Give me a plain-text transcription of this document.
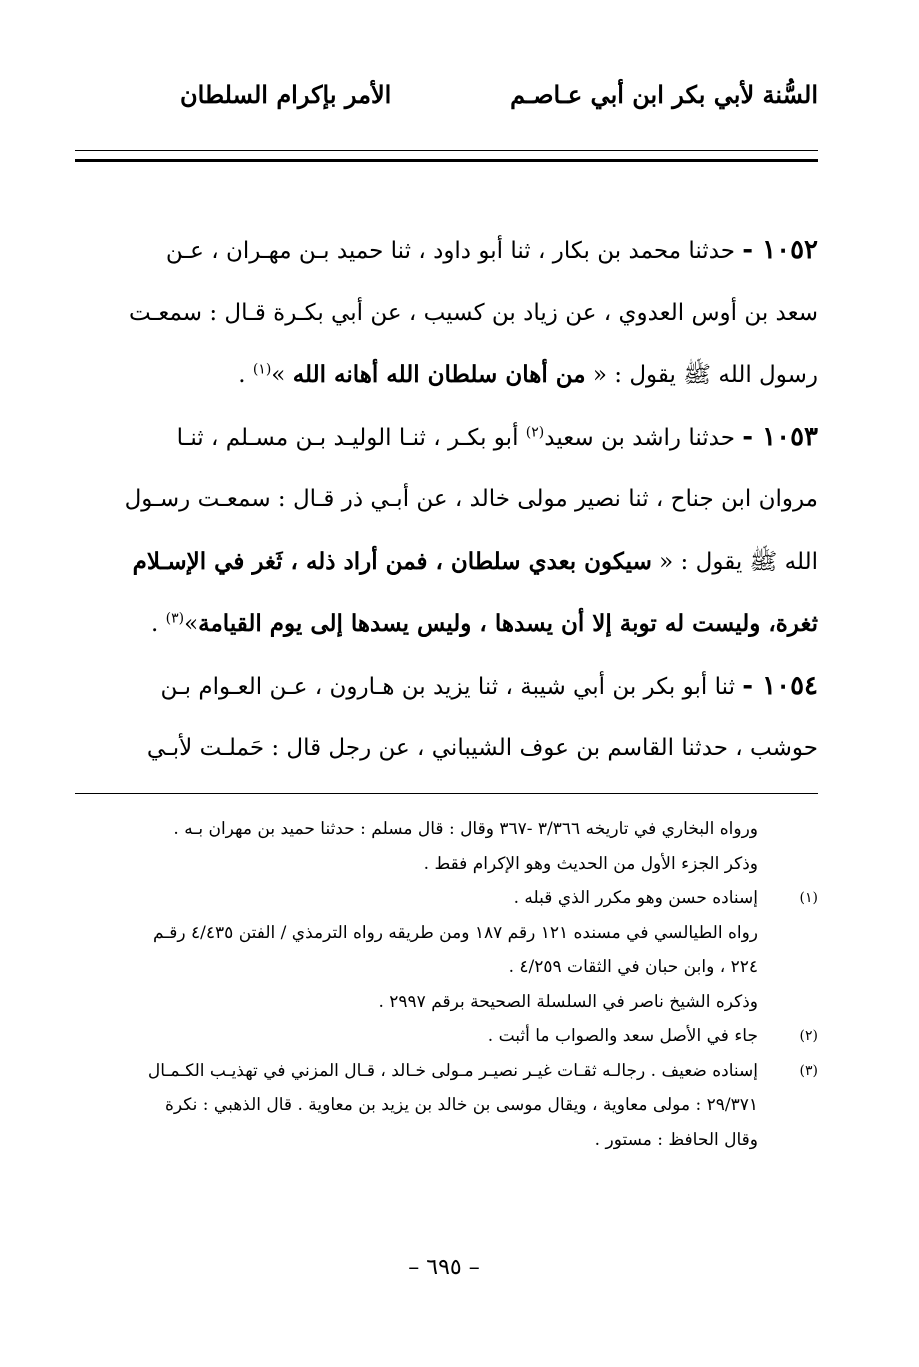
السُّنة لأبي بكر ابن أبي عـاصـم
الأمر بإكرام السلطان

١٠٥٢ - حدثنا محمد بن بكار ، ثنا أبو داود ، ثنا حميد بـن مهـران ، عـن

سعد بن أوس العدوي ، عن زياد بن كسيب ، عن أبي بكـرة قـال : سمعـت

رسول الله ﷺ يقول : « من أهان سلطان الله أهانه الله »$^{(١)}$ .

١٠٥٣ - حدثنا راشد بن سعيد$^{(٢)}$ أبو بكـر ، ثنـا الوليـد بـن مسـلم ، ثنـا

مروان ابن جناح ، ثنا نصير مولى خالد ، عن أبـي ذر قـال : سمعـت رسـول

الله ﷺ يقول : « سيكون بعدي سلطان ، فمن أراد ذله ، ثَغر في الإسـلام

ثغرة، وليست له توبة إلا أن يسدها ، وليس يسدها إلى يوم القيامة»$^{(٣)}$ .

١٠٥٤ - ثنا أبو بكر بن أبي شيبة ، ثنا يزيد بن هـارون ، عـن العـوام بـن

حوشب ، حدثنا القاسم بن عوف الشيباني ، عن رجل قال : حَملـت لأبـي

ورواه البخاري في تاريخه ٣/٣٦٦ -٣٦٧ وقال : قال مسلم : حدثنا حميد بن مهران بـه .

وذكر الجزء الأول من الحديث وهو الإكرام فقط .

(١)

إسناده حسن وهو مكرر الذي قبله .

رواه الطيالسي في مسنده ١٢١ رقم ١٨٧ ومن طريقه رواه الترمذي / الفتن ٤/٤٣٥ رقـم

٢٢٤ ، وابن حبان في الثقات ٤/٢٥٩ .

وذكره الشيخ ناصر في السلسلة الصحيحة برقم ٢٩٩٧ .

(٢)

جاء في الأصل سعد والصواب ما أثبت .

(٣)

إسناده ضعيف . رجالـه ثقـات غيـر نصيـر مـولى خـالد ، قـال المزني في تهذيـب الكـمـال

٢٩/٣٧١ : مولى معاوية ، ويقال موسى بن خالد بن يزيد بن معاوية . قال الذهبي : نكرة

وقال الحافظ : مستور .

– ٦٩٥ –
